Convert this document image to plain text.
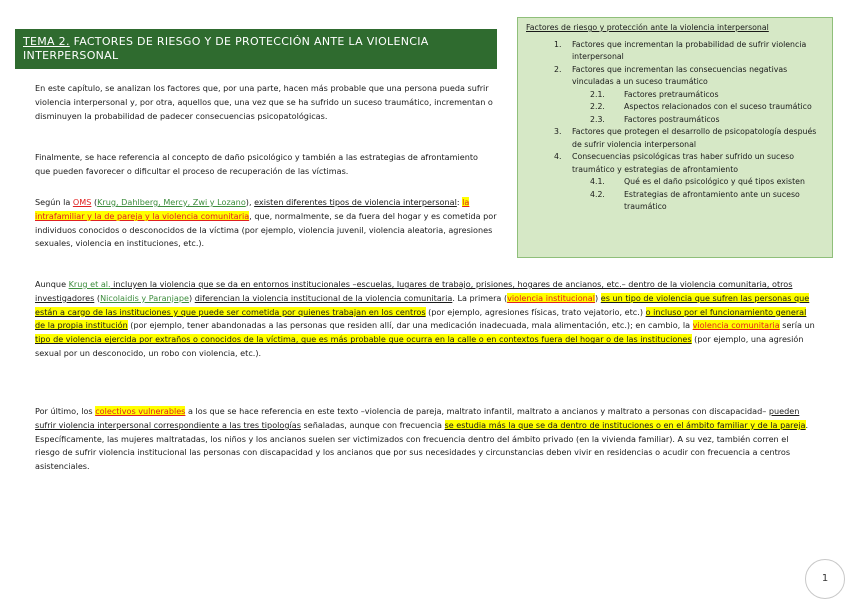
TEMA 2. FACTORES DE RIESGO Y DE PROTECCIÓN ANTE LA VIOLENCIA INTERPERSONAL
Factores de riesgo y protección ante la violencia interpersonal
1. Factores que incrementan la probabilidad de sufrir violencia interpersonal
2. Factores que incrementan las consecuencias negativas vinculadas a un suceso traumático
2.1. Factores pretraumáticos
2.2. Aspectos relacionados con el suceso traumático
2.3. Factores postraumáticos
3. Factores que protegen el desarrollo de psicopatología después de sufrir violencia interpersonal
4. Consecuencias psicológicas tras haber sufrido un suceso traumático y estrategias de afrontamiento
4.1. Qué es el daño psicológico y qué tipos existen
4.2. Estrategias de afrontamiento ante un suceso traumático
En este capítulo, se analizan los factores que, por una parte, hacen más probable que una persona pueda sufrir violencia interpersonal y, por otra, aquellos que, una vez que se ha sufrido un suceso traumático, incrementan o disminuyen la probabilidad de padecer consecuencias psicopatológicas.
Finalmente, se hace referencia al concepto de daño psicológico y también a las estrategias de afrontamiento que pueden favorecer o dificultar el proceso de recuperación de las víctimas.
Según la OMS (Krug, Dahlberg, Mercy, Zwi y Lozano), existen diferentes tipos de violencia interpersonal: la intrafamiliar y la de pareja y la violencia comunitaria, que, normalmente, se da fuera del hogar y es cometida por individuos conocidos o desconocidos de la víctima (por ejemplo, violencia juvenil, violencia aleatoria, agresiones sexuales, violencia en instituciones, etc.).
Aunque Krug et al. incluyen la violencia que se da en entornos institucionales –escuelas, lugares de trabajo, prisiones, hogares de ancianos, etc.– dentro de la violencia comunitaria, otros investigadores (Nicolaidis y Paranjape) diferencian la violencia institucional de la violencia comunitaria. La primera (violencia institucional) es un tipo de violencia que sufren las personas que están a cargo de las instituciones y que puede ser cometida por quienes trabajan en los centros (por ejemplo, agresiones físicas, trato vejatorio, etc.) o incluso por el funcionamiento general de la propia institución (por ejemplo, tener abandonadas a las personas que residen allí, dar una medicación inadecuada, mala alimentación, etc.); en cambio, la violencia comunitaria sería un tipo de violencia ejercida por extraños o conocidos de la víctima, que es más probable que ocurra en la calle o en contextos fuera del hogar o de las instituciones (por ejemplo, una agresión sexual por un desconocido, un robo con violencia, etc.).
Por último, los colectivos vulnerables a los que se hace referencia en este texto –violencia de pareja, maltrato infantil, maltrato a ancianos y maltrato a personas con discapacidad– pueden sufrir violencia interpersonal correspondiente a las tres tipologías señaladas, aunque con frecuencia se estudia más la que se da dentro de instituciones o en el ámbito familiar y de la pareja. Específicamente, las mujeres maltratadas, los niños y los ancianos suelen ser victimizados con frecuencia dentro del ámbito privado (en la vivienda familiar). A su vez, también corren el riesgo de sufrir violencia institucional las personas con discapacidad y los ancianos que por sus necesidades y circunstancias deben vivir en residencias o acudir con frecuencia a centros asistenciales.
1
